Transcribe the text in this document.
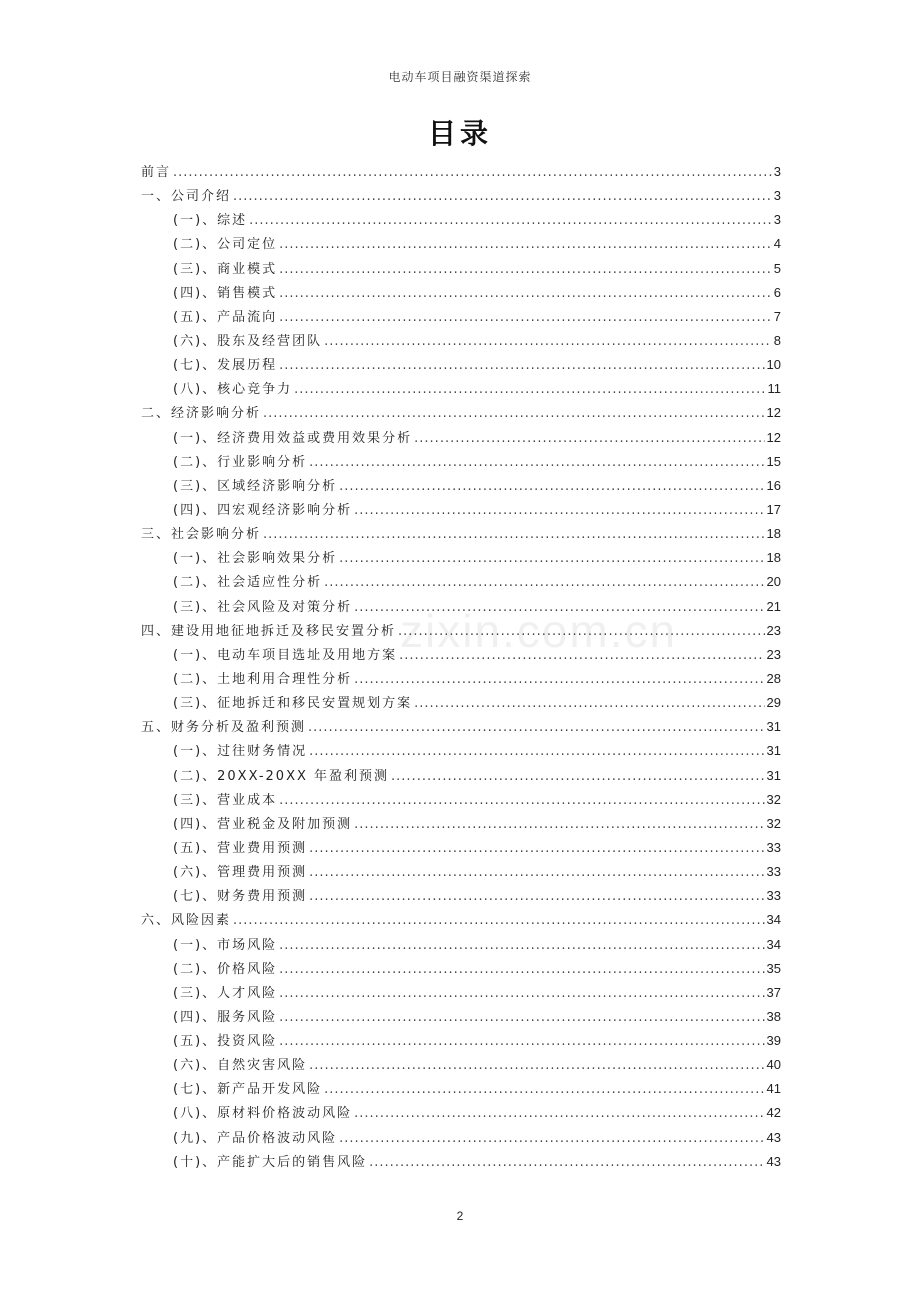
电动车项目融资渠道探索
目录
zixin.com.cn
前言 .....	3
一、公司介绍 .....	3
(一)、综述 .....	3
(二)、公司定位 .....	4
(三)、商业模式 .....	5
(四)、销售模式 .....	6
(五)、产品流向 .....	7
(六)、股东及经营团队 .....	8
(七)、发展历程 .....	10
(八)、核心竞争力 .....	11
二、经济影响分析 .....	12
(一)、经济费用效益或费用效果分析 .....	12
(二)、行业影响分析 .....	15
(三)、区域经济影响分析 .....	16
(四)、四宏观经济影响分析 .....	17
三、社会影响分析 .....	18
(一)、社会影响效果分析 .....	18
(二)、社会适应性分析 .....	20
(三)、社会风险及对策分析 .....	21
四、建设用地征地拆迁及移民安置分析 .....	23
(一)、电动车项目选址及用地方案 .....	23
(二)、土地利用合理性分析 .....	28
(三)、征地拆迁和移民安置规划方案 .....	29
五、财务分析及盈利预测 .....	31
(一)、过往财务情况 .....	31
(二)、20XX-20XX 年盈利预测 .....	31
(三)、营业成本 .....	32
(四)、营业税金及附加预测 .....	32
(五)、营业费用预测 .....	33
(六)、管理费用预测 .....	33
(七)、财务费用预测 .....	33
六、风险因素 .....	34
(一)、市场风险 .....	34
(二)、价格风险 .....	35
(三)、人才风险 .....	37
(四)、服务风险 .....	38
(五)、投资风险 .....	39
(六)、自然灾害风险 .....	40
(七)、新产品开发风险 .....	41
(八)、原材料价格波动风险 .....	42
(九)、产品价格波动风险 .....	43
(十)、产能扩大后的销售风险 .....	43
2
